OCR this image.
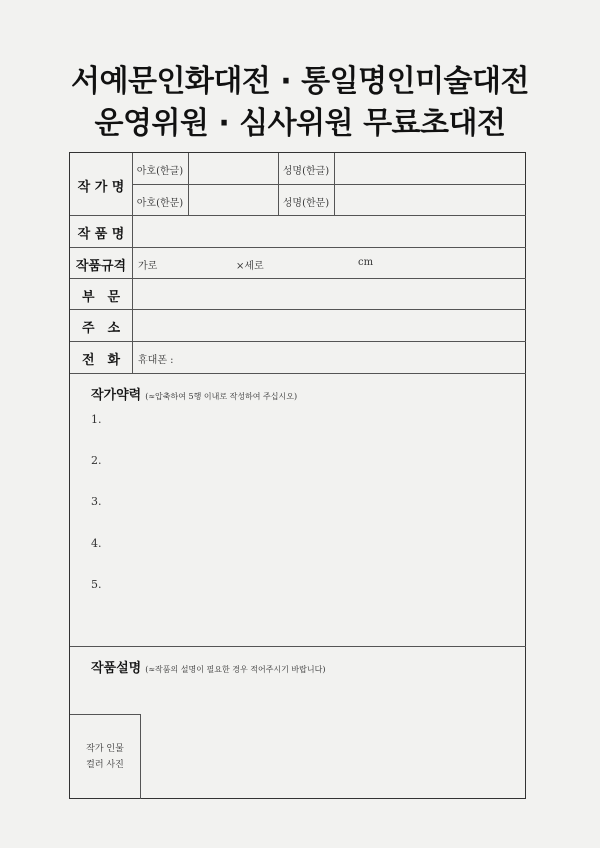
서예문인화대전 · 통일명인미술대전
운영위원 · 심사위원 무료초대전
작 가 명
아호(한글)	성명(한글)
아호(한문)	성명(한문)
작 품 명
작품규격	가로	×세로	cm
부　문
주　소
전　화	휴대폰 :
작가약력 (≈압축하여 5행 이내로 작성하여 주십시오)
1.
2.
3.
4.
5.
작품설명 (≈작품의 설명이 필요한 경우 적어주시기 바랍니다)
작가 인물
컬러 사진
